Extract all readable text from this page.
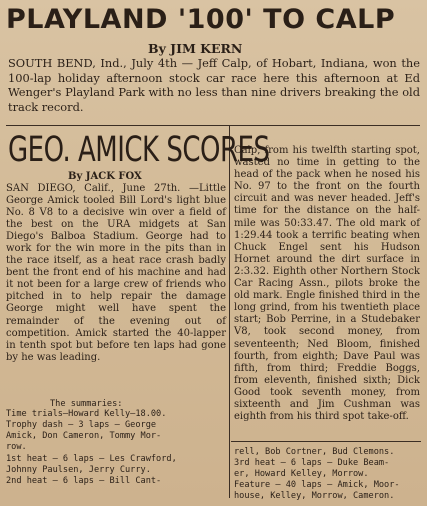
PLAYLAND '100' TO CALP
By JIM KERN

SOUTH BEND, Ind., July 4th — Jeff Calp, of Hobart, Indiana, won the 100-lap holiday afternoon stock car race here this afternoon at Ed Wenger's Playland Park with no less than nine drivers breaking the old track record.

GEO. AMICK SCORES
By JACK FOX

SAN DIEGO, Calif., June 27th. —Little George Amick tooled Bill Lord's light blue No. 8 V8 to a decisive win over a field of the best on the URA midgets at San Diego's Balboa Stadium. George had to work for the win more in the pits than in the race itself, as a heat race crash badly bent the front end of his machine and had it not been for a large crew of friends who pitched in to help repair the damage George might well have spent the remainder of the evening out of competition. Amick started the 40-lapper in tenth spot but before ten laps had gone by he was leading.

The summaries:
Time trials—Howard Kelly—18.00.
Trophy dash — 3 laps — George
Amick, Don Cameron, Tommy Mor-
row.
1st heat — 6 laps — Les Crawford,
Johnny Paulsen, Jerry Curry.
2nd heat — 6 laps — Bill Cant-

Calp, from his twelfth starting spot, wasted no time in getting to the head of the pack when he nosed his No. 97 to the front on the fourth circuit and was never headed. Jeff's time for the distance on the half-mile was 50:33.47. The old mark of 1:29.44 took a terrific beating when Chuck Engel sent his Hudson Hornet around the dirt surface in 2:3.32. Eighth other Northern Stock Car Racing Assn., pilots broke the old mark. Engle finished third in the long grind, from his twentieth place start; Bob Perrine, in a Studebaker V8, took second money, from seventeenth; Ned Bloom, finished fourth, from eighth; Dave Paul was fifth, from third; Freddie Boggs, from eleventh, finished sixth; Dick Good took seventh money, from sixteenth and Jim Cushman was eighth from his third spot take-off.

rell, Bob Cortner, Bud Clemons.
3rd heat — 6 laps — Duke Beam-
er, Howard Kelley, Morrow.
Feature — 40 laps — Amick, Moor-
house, Kelley, Morrow, Cameron.
